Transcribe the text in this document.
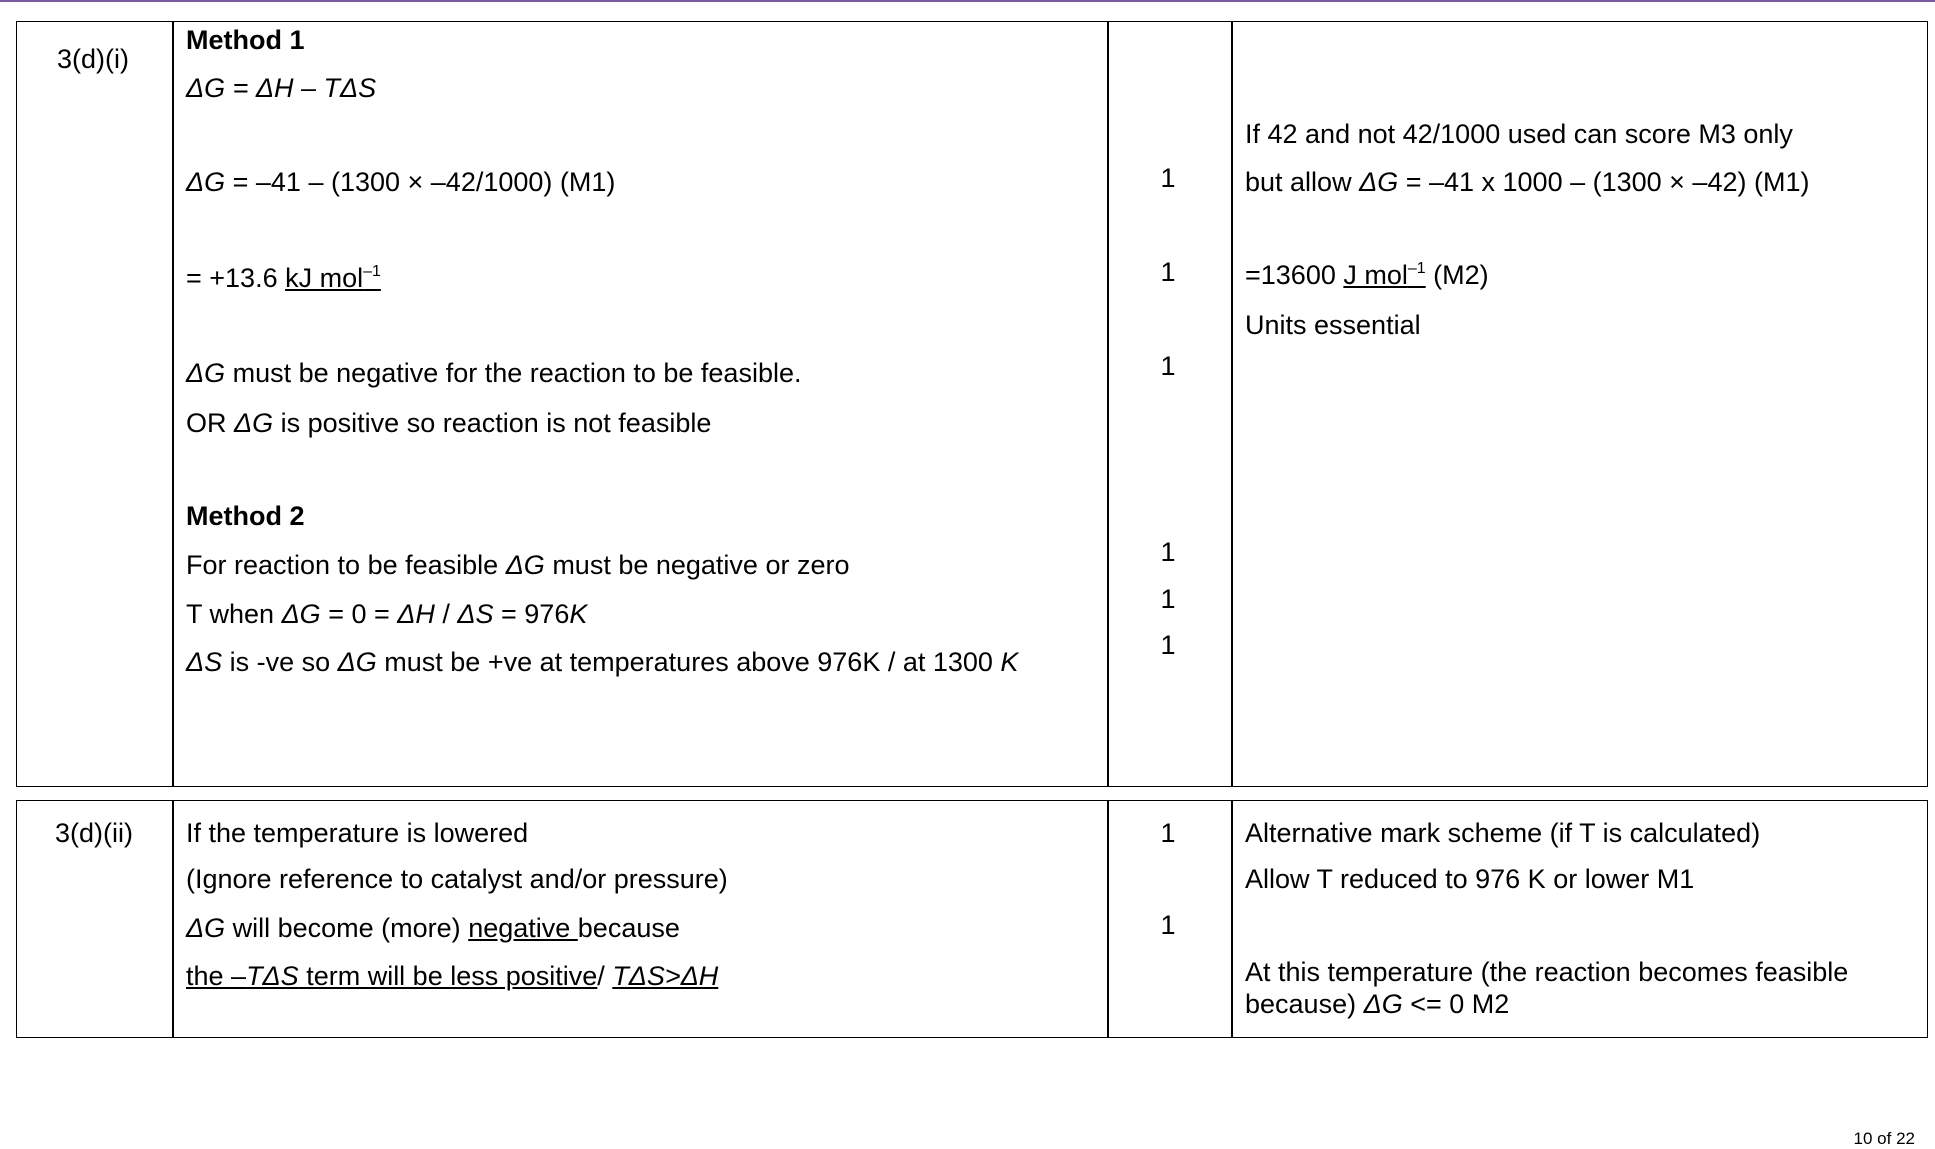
3(d)(i)
Method 1
ΔG = ΔH – TΔS
ΔG = –41 – (1300 × –42/1000) (M1)
= +13.6 kJ mol$^{-1}$
ΔG must be negative for the reaction to be feasible.
OR ΔG is positive so reaction is not feasible
Method 2
For reaction to be feasible ΔG must be negative or zero
T when ΔG = 0 = ΔH / ΔS = 976K
ΔS is -ve so ΔG must be +ve at temperatures above 976K / at 1300 K
1
1
1
1
1
1
If 42 and not 42/1000 used can score M3 only
but allow ΔG = –41 x 1000 – (1300 × –42) (M1)
=13600 J mol$^{-1}$ (M2)
Units essential
3(d)(ii) If the temperature is lowered
(Ignore reference to catalyst and/or pressure)
ΔG will become (more) negative because
the –TΔS term will be less positive/ TΔS>ΔH
1
1
Alternative mark scheme (if T is calculated)
Allow T reduced to 976 K or lower M1
At this temperature (the reaction becomes feasible
because) ΔG <= 0 M2
10 of 22
